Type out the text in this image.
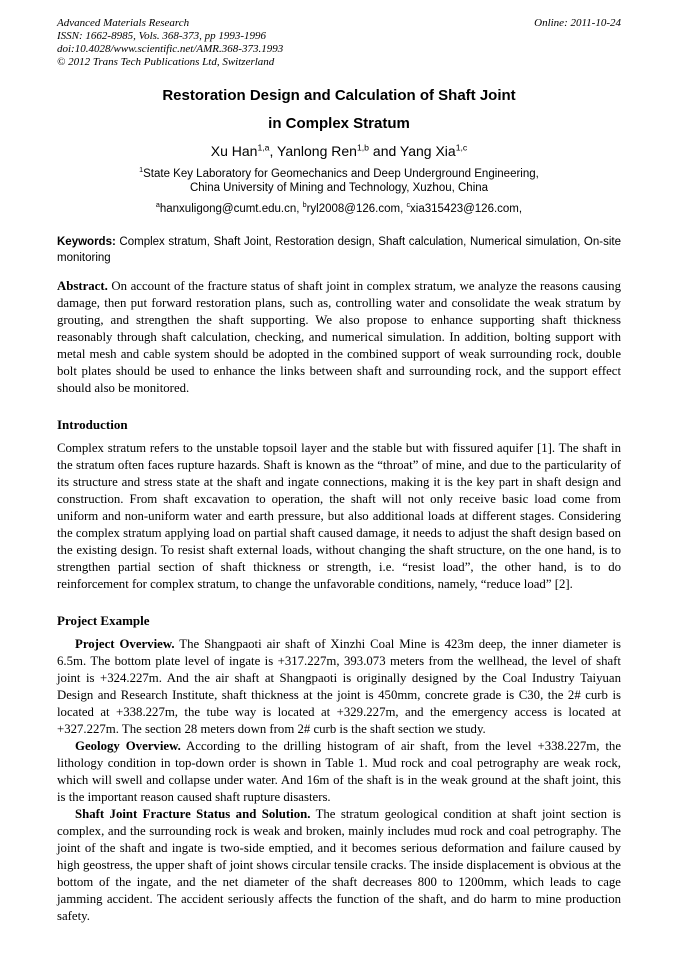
Advanced Materials Research
ISSN: 1662-8985, Vols. 368-373, pp 1993-1996
doi:10.4028/www.scientific.net/AMR.368-373.1993
© 2012 Trans Tech Publications Ltd, Switzerland
Online: 2011-10-24
Restoration Design and Calculation of Shaft Joint
in Complex Stratum
Xu Han$^{1,a}$, Yanlong Ren$^{1,b}$ and Yang Xia$^{1,c}$
$^1$State Key Laboratory for Geomechanics and Deep Underground Engineering,
China University of Mining and Technology, Xuzhou, China
$^a$hanxuligong@cumt.edu.cn, $^b$ryl2008@126.com, $^c$xia315423@126.com,

Keywords: Complex stratum, Shaft Joint, Restoration design, Shaft calculation, Numerical simulation, On-site monitoring

Abstract. On account of the fracture status of shaft joint in complex stratum, we analyze the reasons causing damage, then put forward restoration plans, such as, controlling water and consolidate the weak stratum by grouting, and strengthen the shaft supporting. We also propose to enhance supporting shaft thickness reasonably through shaft calculation, checking, and numerical simulation. In addition, bolting support with metal mesh and cable system should be adopted in the combined support of weak surrounding rock, double bolt plates should be used to enhance the links between shaft and surrounding rock, and the support effect should also be monitored.

Introduction

Complex stratum refers to the unstable topsoil layer and the stable but with fissured aquifer [1]. The shaft in the stratum often faces rupture hazards. Shaft is known as the “throat” of mine, and due to the particularity of its structure and stress state at the shaft and ingate connections, making it is the key part in shaft design and construction. From shaft excavation to operation, the shaft will not only receive basic load come from uniform and non-uniform water and earth pressure, but also additional loads at different stages. Considering the complex stratum applying load on partial shaft caused damage, it needs to adjust the shaft design based on the existing design. To resist shaft external loads, without changing the shaft structure, on the one hand, is to strengthen partial section of shaft thickness or strength, i.e. “resist load”, the other hand, is to do reinforcement for complex stratum, to change the unfavorable conditions, namely, “reduce load” [2].

Project Example

Project Overview. The Shangpaoti air shaft of Xinzhi Coal Mine is 423m deep, the inner diameter is 6.5m. The bottom plate level of ingate is +317.227m, 393.073 meters from the wellhead, the level of shaft joint is +324.227m. And the air shaft at Shangpaoti is originally designed by the Coal Industry Taiyuan Design and Research Institute, shaft thickness at the joint is 450mm, concrete grade is C30, the 2# curb is located at +338.227m, the tube way is located at +329.227m, and the emergency access is located at +327.227m. The section 28 meters down from 2# curb is the shaft section we study.

Geology Overview. According to the drilling histogram of air shaft, from the level +338.227m, the lithology condition in top-down order is shown in Table 1. Mud rock and coal petrography are weak rock, which will swell and collapse under water. And 16m of the shaft is in the weak ground at the shaft joint, this is the important reason caused shaft rupture disasters.

Shaft Joint Fracture Status and Solution. The stratum geological condition at shaft joint section is complex, and the surrounding rock is weak and broken, mainly includes mud rock and coal petrography. The joint of the shaft and ingate is two-side emptied, and it becomes serious deformation and failure caused by high geostress, the upper shaft of joint shows circular tensile cracks. The inside displacement is obvious at the bottom of the ingate, and the net diameter of the shaft decreases 800 to 1200mm, which leads to cage jamming accident. The accident seriously affects the function of the shaft, and do harm to mine production safety.
